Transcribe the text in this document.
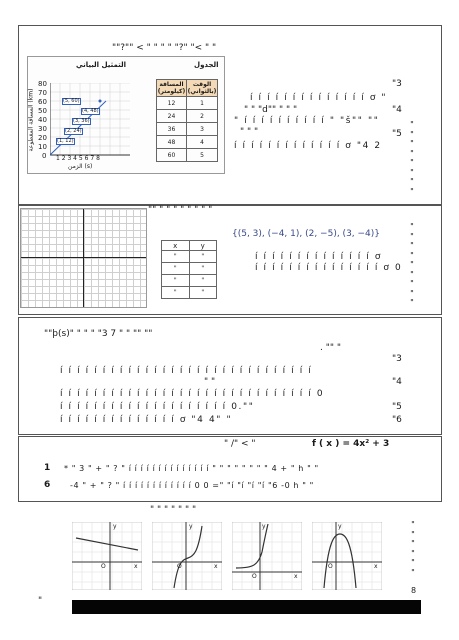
""?"" < " " " " "?" "< " "
التمثيل البياني	الجدول
80
70
60
50
40
30
20
10
0
المسافة المقطوعة (km)	(5, 60)
(4, 48)
(3, 36)
(2, 24)
(1, 12)
1 2 3 4 5 6 7 8
الزمن (s)
المسافة (كيلومتر)	الوقت (بالثواني)
12	1
24	2
36	3
48	4
60	5
"3
í í í í í í í í í í í í í í ơ "
" " "d"" " " "	"4
" í í í í í í í í í í " "š"" ""
" " "	"5
í í í í í í í í í í í í í ơ "4 2
"
"
"
"
"
"
"
"
"" " " " " " " " "
x	y
"	"
"	"
"	"
"	"
{(5, 3), (−4, 1), (2, −5), (3, −4)}
í í í í í í í í í í í í í í ơ
í í í í í í í í í í í í í í í ơ 0
"
"
"
"
"
"
"
"
"
""þ(s)" " " " "3 7 " " "" ""
. "" "
"3
í í í í í í í í í í í í í í í í í í í í í í í í í í í í í í
" "	"4
í í í í í í í í í í í í í í í í í í í í í í í í í í í í í í 0
í í í í í í í í í í í í í í í í í í í í 0.""	"5
í í í í í í í í í í í í í í ơ "4 4" "	"6
" /" < "	f ( x ) = 4x² + 3
1 * " 3 " + " ? " í í í í í í í í í í í í í í " " " " " " " " 4 + " h " "
6 -4 " + " ? " í í í í í í í í í í í í 0 0 =" "í "í "í "í "6 -0 h " "
" " " " " " "
y
O	x
y
O	x
y
O	x
y
O	x
"
"
"
"
"
"
8
"
